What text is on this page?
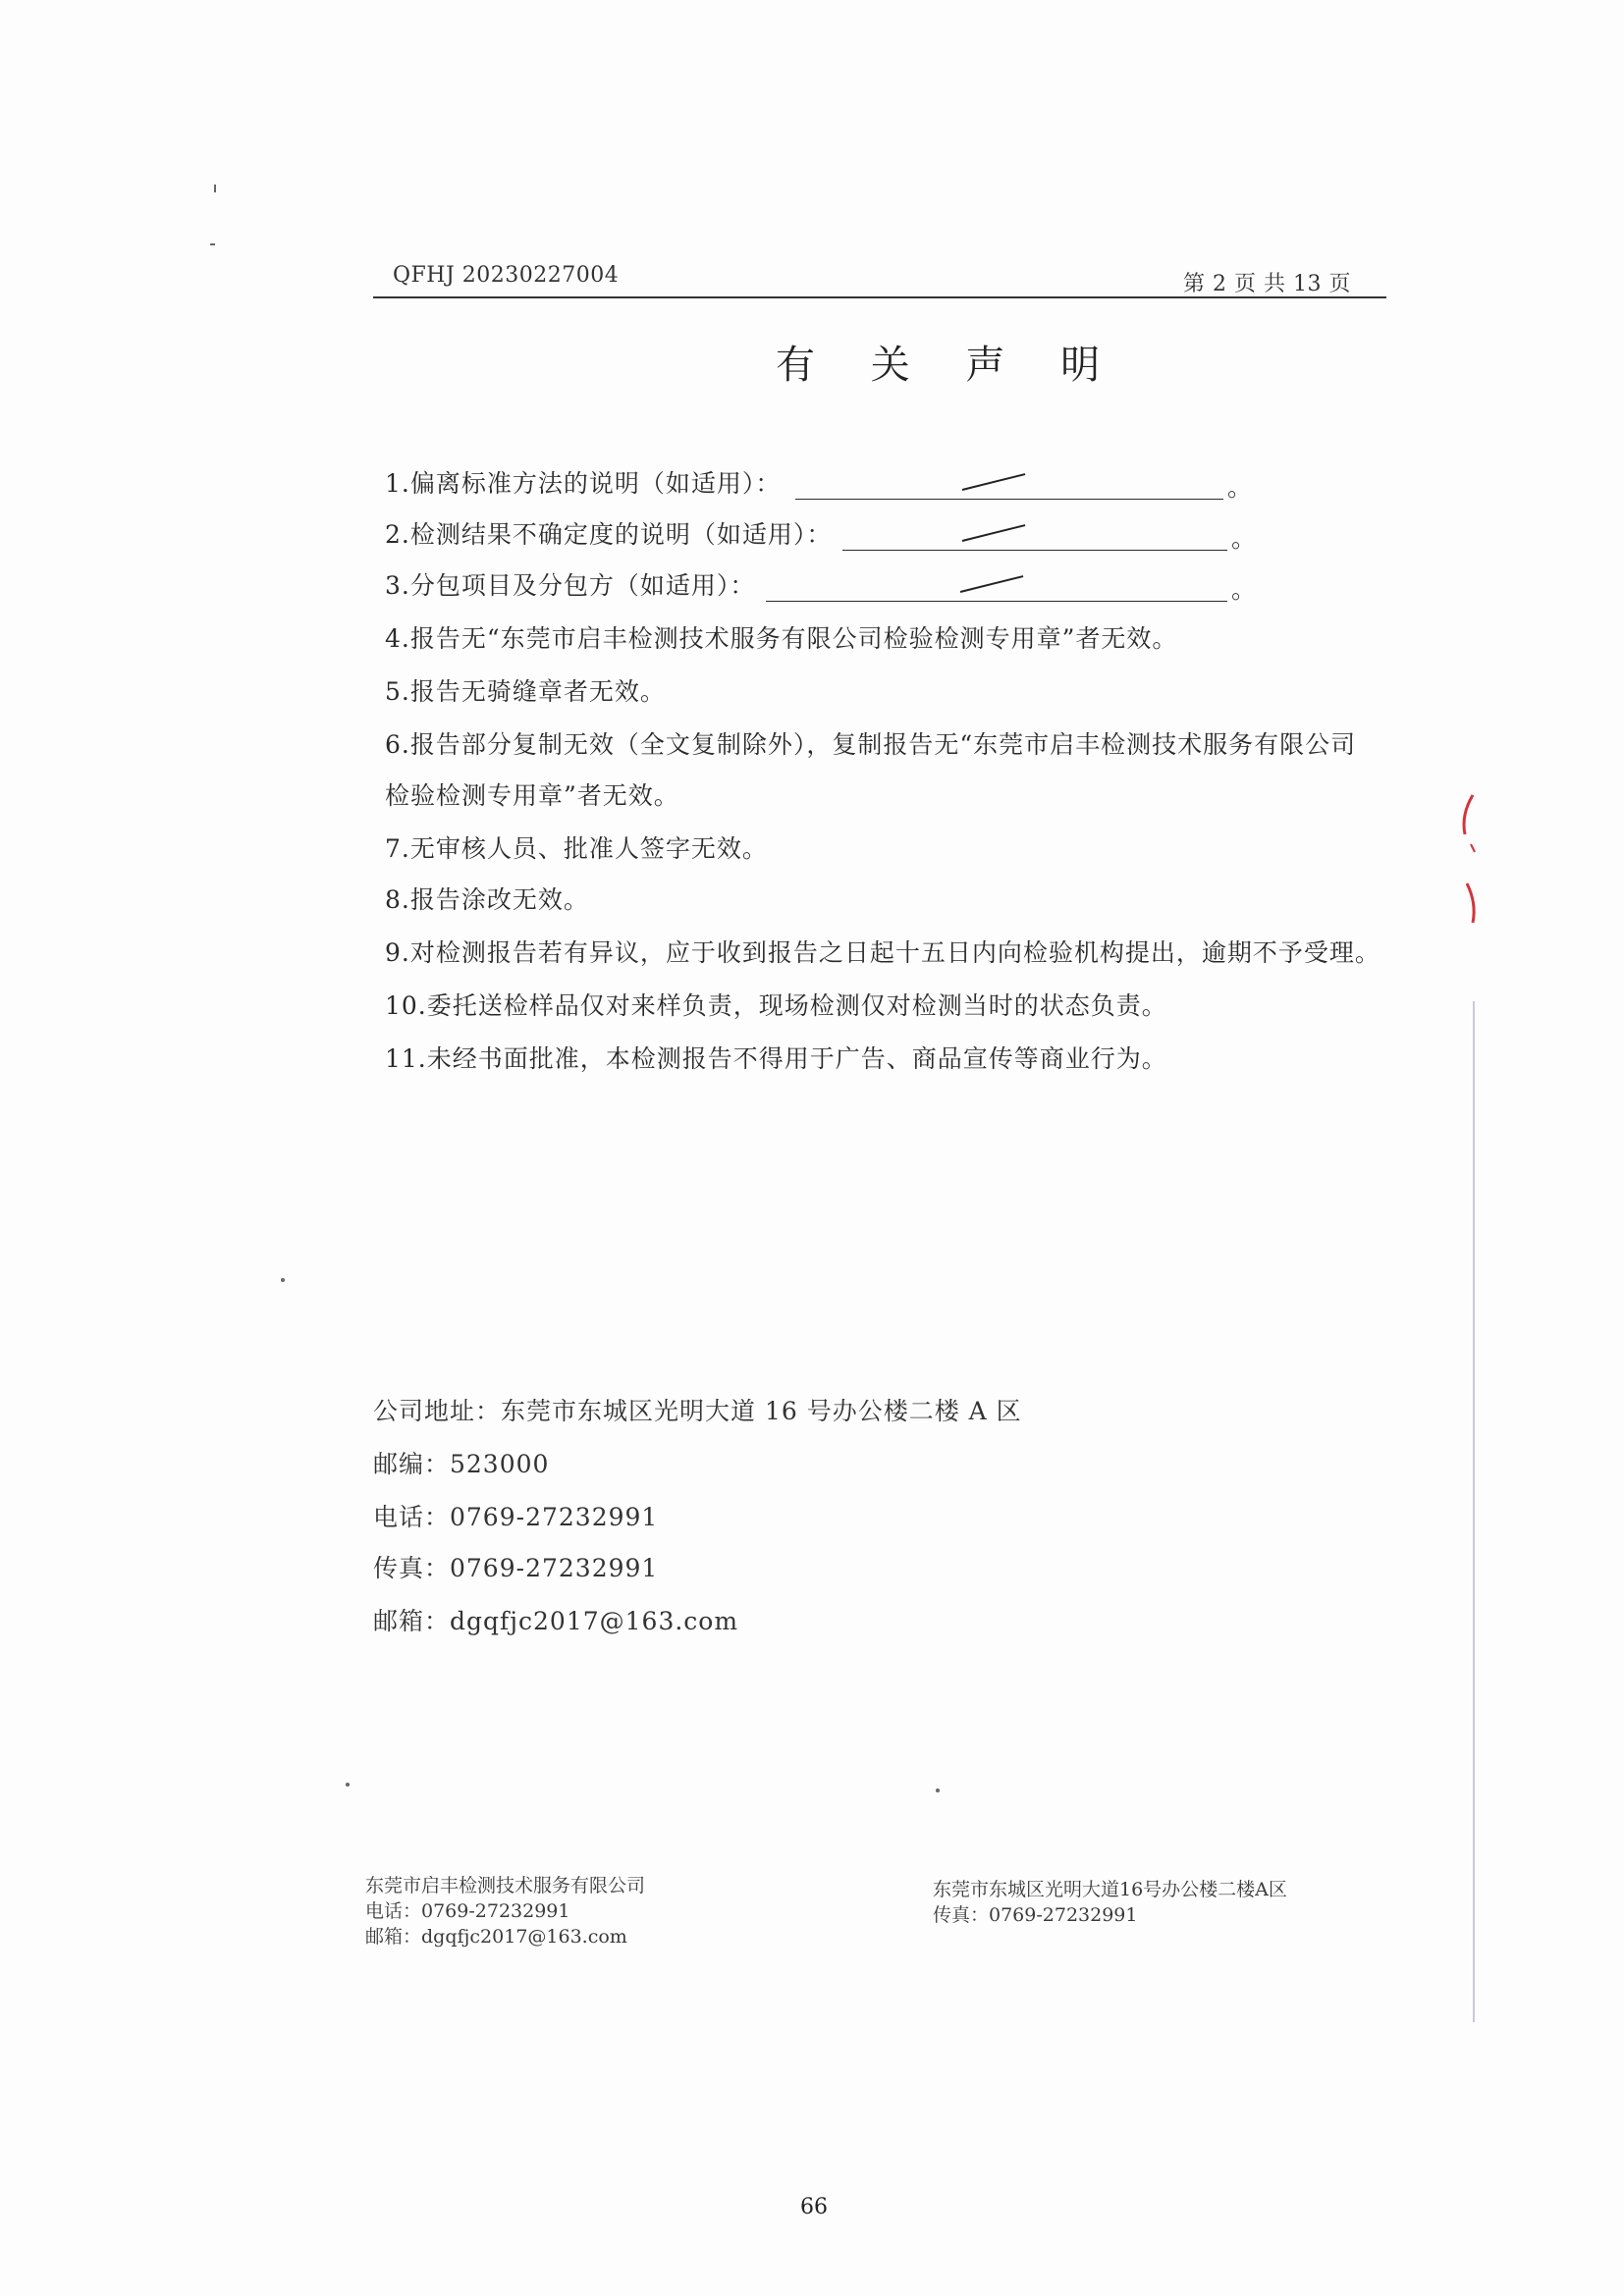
QFHJ 20230227004	第 2 页 共 13 页
有 关 声 明
1.偏离标准方法的说明（如适用）：	。
2.检测结果不确定度的说明（如适用）：	。
3.分包项目及分包方（如适用）：	。
4.报告无“东莞市启丰检测技术服务有限公司检验检测专用章”者无效。
5.报告无骑缝章者无效。
6.报告部分复制无效（全文复制除外），复制报告无“东莞市启丰检测技术服务有限公司
检验检测专用章”者无效。
7.无审核人员、批准人签字无效。
8.报告涂改无效。
9.对检测报告若有异议，应于收到报告之日起十五日内向检验机构提出，逾期不予受理。
10.委托送检样品仅对来样负责，现场检测仅对检测当时的状态负责。
11.未经书面批准，本检测报告不得用于广告、商品宣传等商业行为。
公司地址：东莞市东城区光明大道 16 号办公楼二楼 A 区
邮编：523000
电话：0769-27232991
传真：0769-27232991
邮箱：dgqfjc2017@163.com
东莞市启丰检测技术服务有限公司
电话：0769-27232991
邮箱：dgqfjc2017@163.com
东莞市东城区光明大道16号办公楼二楼A区
传真：0769-27232991
66
